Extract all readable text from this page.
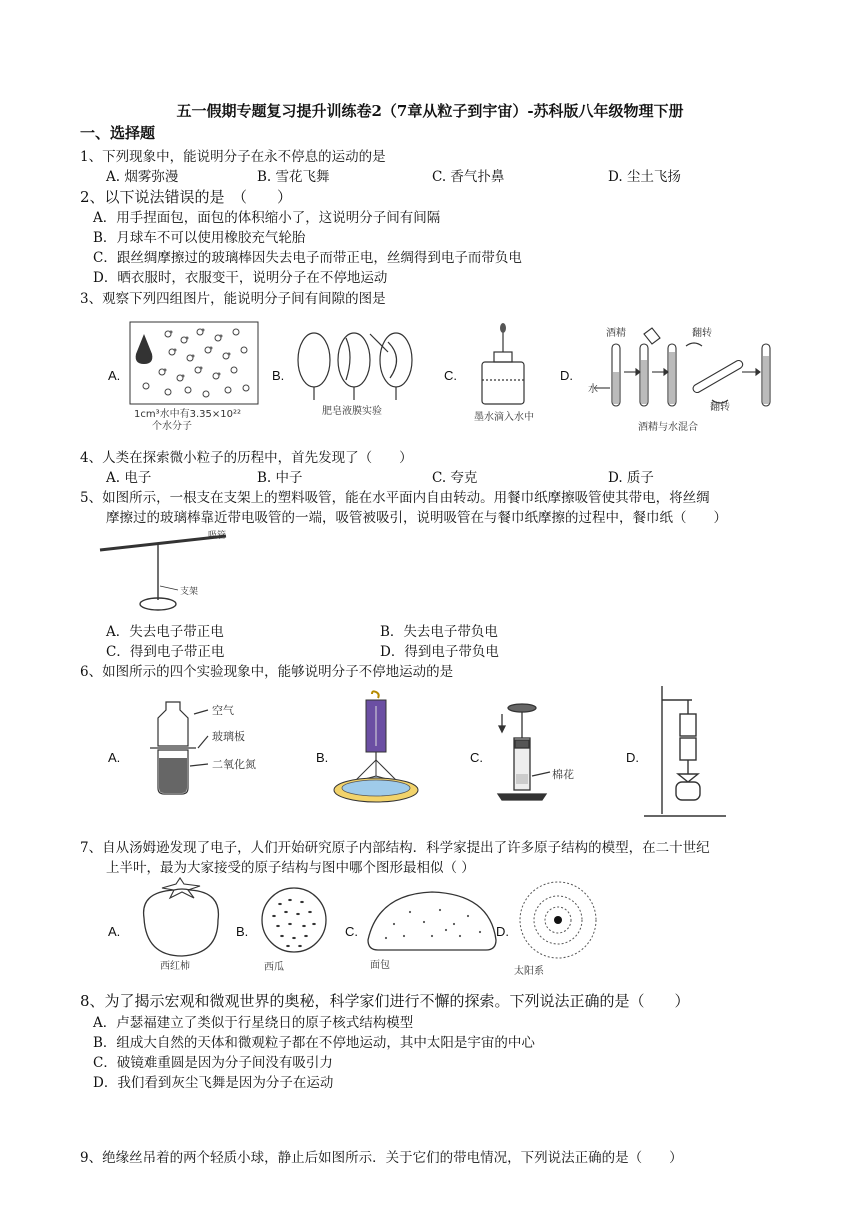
五一假期专题复习提升训练卷2（7章从粒子到宇宙）-苏科版八年级物理下册
一、选择题
1、下列现象中，能说明分子在永不停息的运动的是
A. 烟雾弥漫	B. 雪花飞舞	C. 香气扑鼻	D. 尘土飞扬
2、以下说法错误的是　（　　）
A．用手捏面包，面包的体积缩小了，这说明分子间有间隔
B．月球车不可以使用橡胶充气轮胎
C．跟丝绸摩擦过的玻璃棒因失去电子而带正电，丝绸得到电子而带负电
D．晒衣服时，衣服变干，说明分子在不停地运动
3、观察下列四组图片，能说明分子间有间隙的图是
A.	B.	C.	D.
1cm³水中有3.35×10²²
个水分子
肥皂液膜实验
墨水滴入水中
酒精
水
翻转
翻转
酒精与水混合
4、人类在探索微小粒子的历程中，首先发现了（　　）
A. 电子	B. 中子	C. 夸克	D. 质子
5、如图所示，一根支在支架上的塑料吸管，能在水平面内自由转动。用餐巾纸摩擦吸管使其带电，将丝绸
摩擦过的玻璃棒靠近带电吸管的一端，吸管被吸引，说明吸管在与餐巾纸摩擦的过程中，餐巾纸（　　）
吸管
支架
A．失去电子带正电	B．失去电子带负电
C．得到电子带正电	D．得到电子带负电
6、如图所示的四个实验现象中，能够说明分子不停地运动的是
A.	B.	C.	D.
空气
玻璃板
二氧化氮
棉花
7、自从汤姆逊发现了电子，人们开始研究原子内部结构．科学家提出了许多原子结构的模型，在二十世纪
上半叶，最为大家接受的原子结构与图中哪个图形最相似（ ）
A.	B.	C.	D.
西红柿	西瓜	面包
太阳系
8、为了揭示宏观和微观世界的奥秘，科学家们进行不懈的探索。下列说法正确的是（　　）
A．卢瑟福建立了类似于行星绕日的原子核式结构模型
B．组成大自然的天体和微观粒子都在不停地运动，其中太阳是宇宙的中心
C．破镜难重圆是因为分子间没有吸引力
D．我们看到灰尘飞舞是因为分子在运动
9、绝缘丝吊着的两个轻质小球，静止后如图所示．关于它们的带电情况，下列说法正确的是（　　）
